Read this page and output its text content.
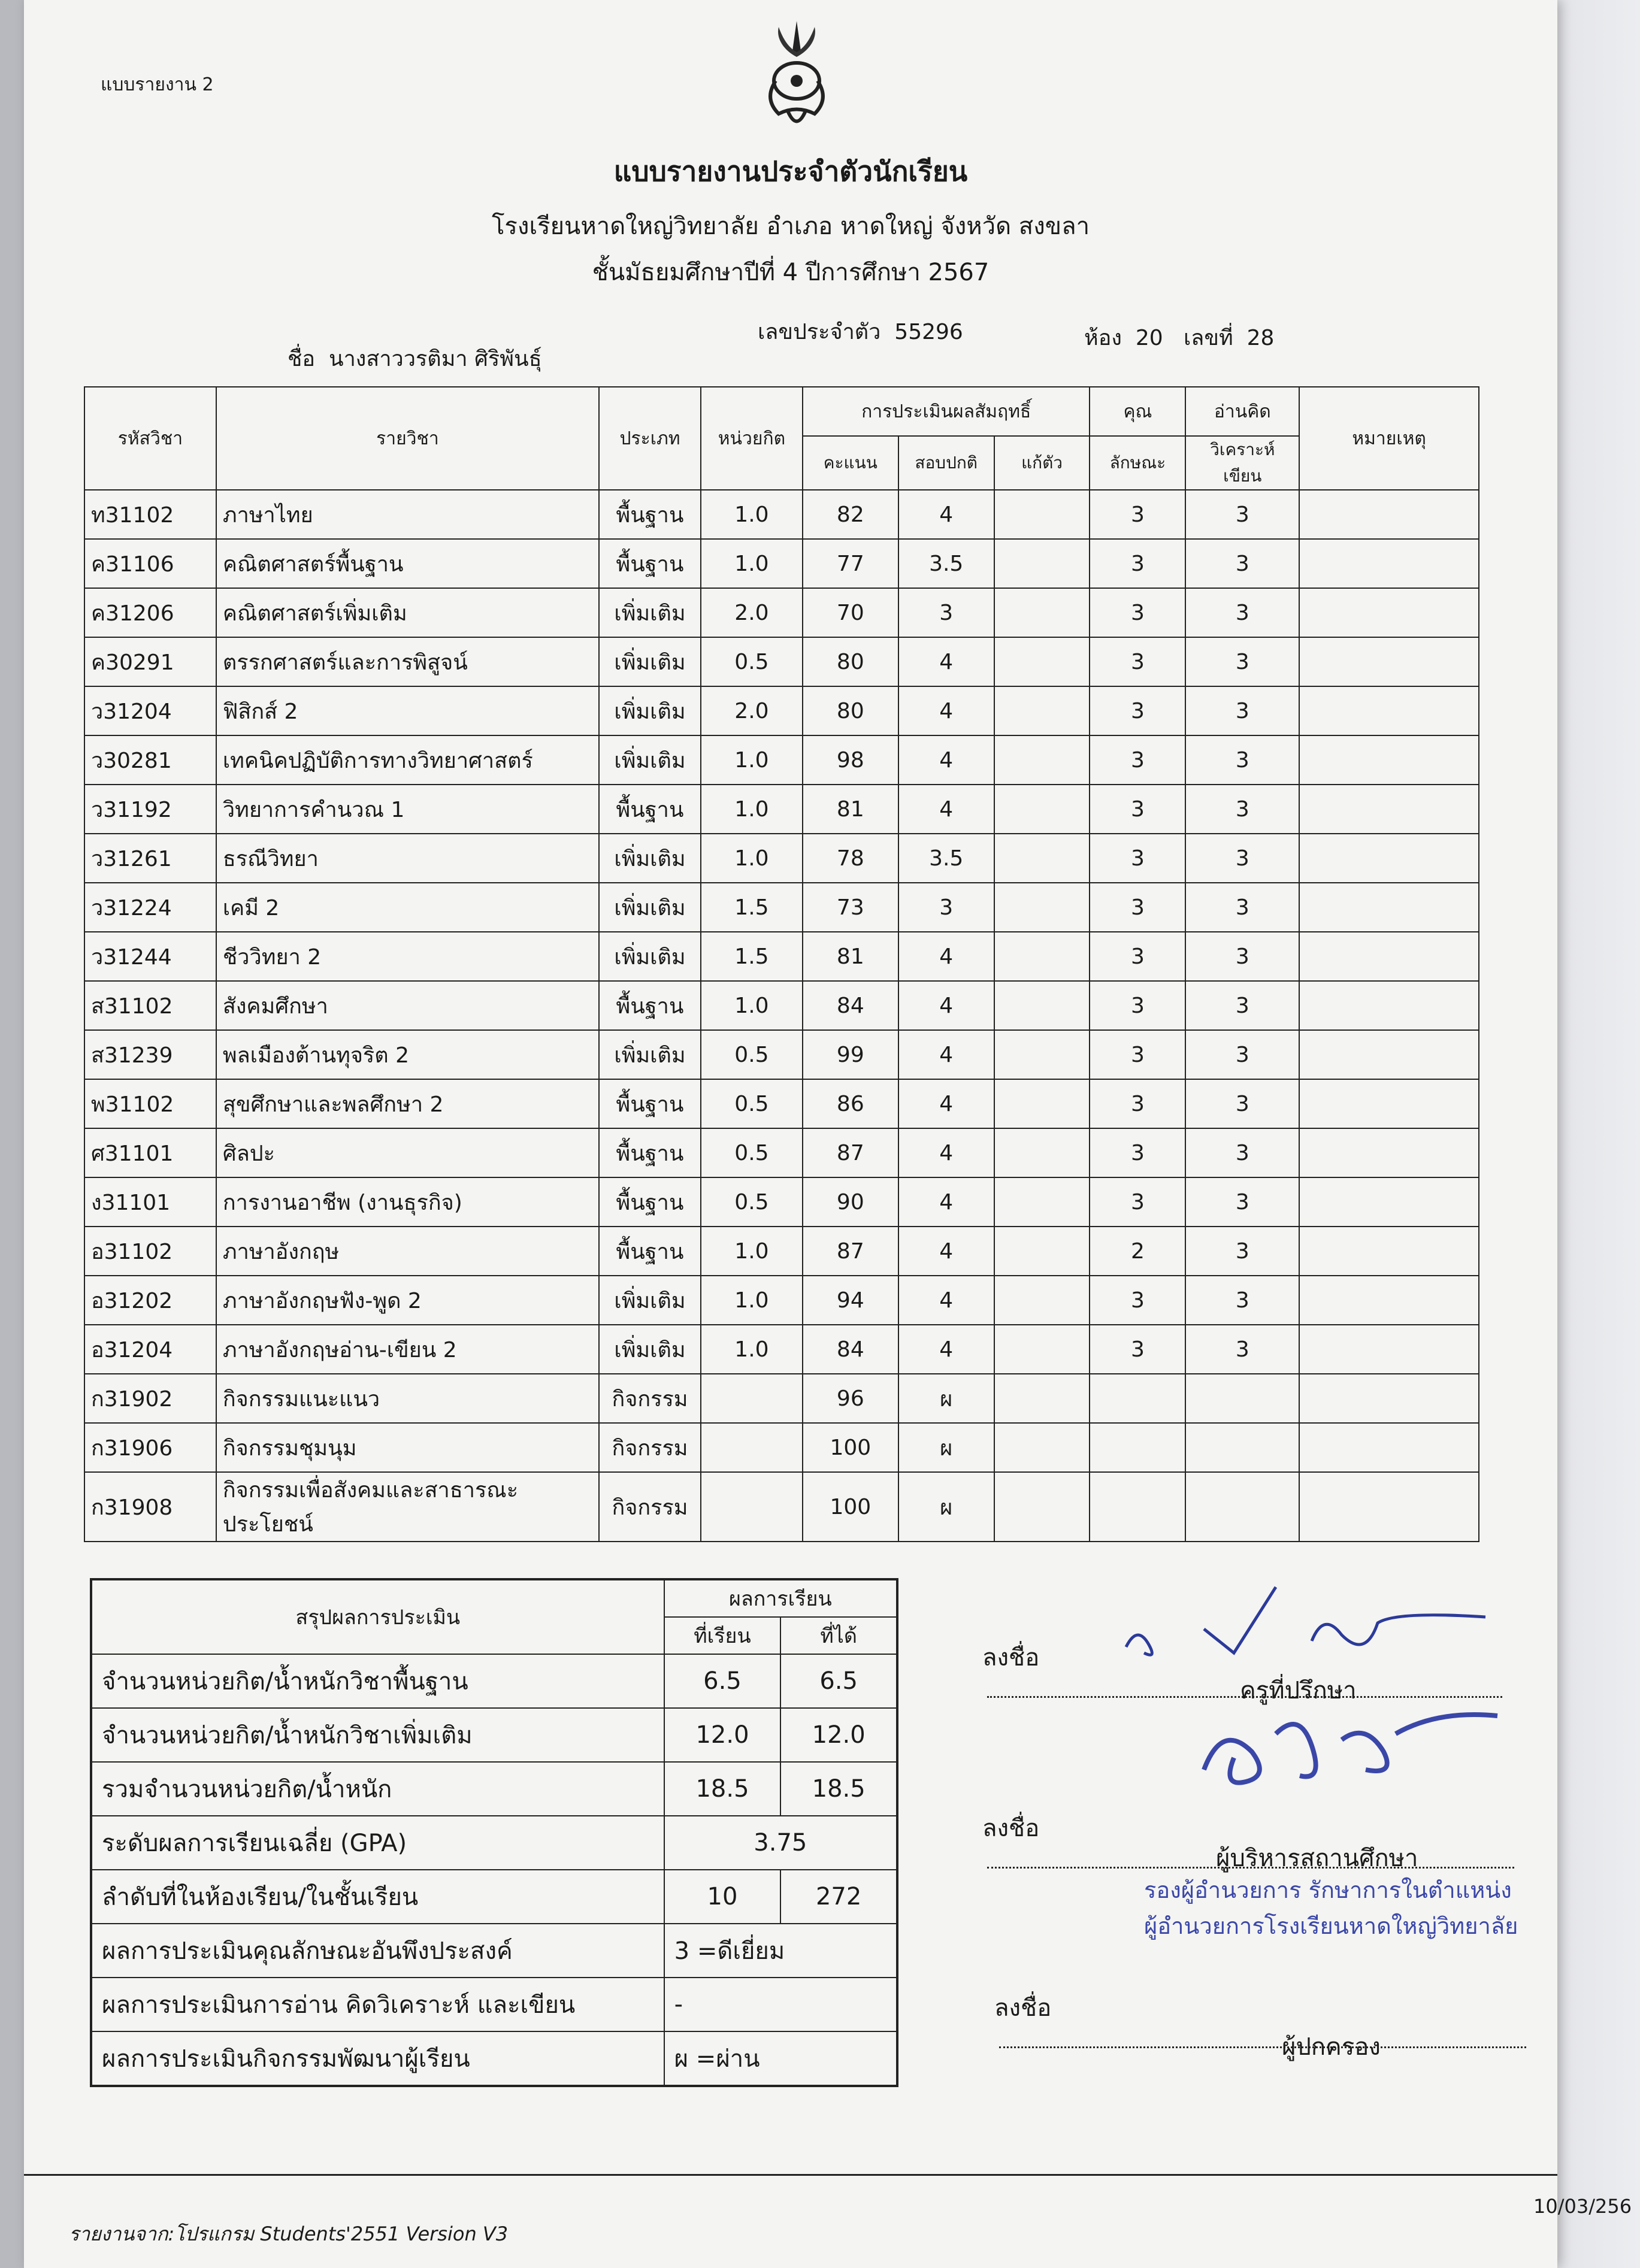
แบบรายงาน 2
แบบรายงานประจำตัวนักเรียน
โรงเรียนหาดใหญ่วิทยาลัย อำเภอ หาดใหญ่ จังหวัด สงขลา
ชั้นมัธยมศึกษาปีที่ 4 ปีการศึกษา 2567
ชื่อ นางสาววรติมา ศิริพันธุ์
เลขประจำตัว 55296	ห้อง 20 เลขที่ 28
รหัสวิชา	รายวิชา	ประเภท	หน่วยกิต	การประเมินผลสัมฤทธิ์			คุณ	อ่านคิด	หมายเหตุ
				คะแนน	สอบปกติ	แก้ตัว	ลักษณะ	วิเคราะห์เขียน	
ท31102	ภาษาไทย	พื้นฐาน	1.0	82	4		3	3	
ค31106	คณิตศาสตร์พื้นฐาน	พื้นฐาน	1.0	77	3.5		3	3	
ค31206	คณิตศาสตร์เพิ่มเติม	เพิ่มเติม	2.0	70	3		3	3	
ค30291	ตรรกศาสตร์และการพิสูจน์	เพิ่มเติม	0.5	80	4		3	3	
ว31204	ฟิสิกส์ 2	เพิ่มเติม	2.0	80	4		3	3	
ว30281	เทคนิคปฏิบัติการทางวิทยาศาสตร์	เพิ่มเติม	1.0	98	4		3	3	
ว31192	วิทยาการคำนวณ 1	พื้นฐาน	1.0	81	4		3	3	
ว31261	ธรณีวิทยา	เพิ่มเติม	1.0	78	3.5		3	3	
ว31224	เคมี 2	เพิ่มเติม	1.5	73	3		3	3	
ว31244	ชีววิทยา 2	เพิ่มเติม	1.5	81	4		3	3	
ส31102	สังคมศึกษา	พื้นฐาน	1.0	84	4		3	3	
ส31239	พลเมืองต้านทุจริต 2	เพิ่มเติม	0.5	99	4		3	3	
พ31102	สุขศึกษาและพลศึกษา 2	พื้นฐาน	0.5	86	4		3	3	
ศ31101	ศิลปะ	พื้นฐาน	0.5	87	4		3	3	
ง31101	การงานอาชีพ (งานธุรกิจ)	พื้นฐาน	0.5	90	4		3	3	
อ31102	ภาษาอังกฤษ	พื้นฐาน	1.0	87	4		2	3	
อ31202	ภาษาอังกฤษฟัง-พูด 2	เพิ่มเติม	1.0	94	4		3	3	
อ31204	ภาษาอังกฤษอ่าน-เขียน 2	เพิ่มเติม	1.0	84	4		3	3	
ก31902	กิจกรรมแนะแนว	กิจกรรม		96	ผ				
ก31906	กิจกรรมชุมนุม	กิจกรรม		100	ผ				
ก31908	กิจกรรมเพื่อสังคมและสาธารณะประโยชน์	กิจกรรม		100	ผ				
สรุปผลการประเมิน	ผลการเรียน	
	ที่เรียน	ที่ได้
จำนวนหน่วยกิต/น้ำหนักวิชาพื้นฐาน	6.5	6.5
จำนวนหน่วยกิต/น้ำหนักวิชาเพิ่มเติม	12.0	12.0
รวมจำนวนหน่วยกิต/น้ำหนัก	18.5	18.5
ระดับผลการเรียนเฉลี่ย (GPA)	3.75	
ลำดับที่ในห้องเรียน/ในชั้นเรียน	10	272
ผลการประเมินคุณลักษณะอันพึงประสงค์	3 =ดีเยี่ยม	
ผลการประเมินการอ่าน คิดวิเคราะห์ และเขียน	-	
ผลการประเมินกิจกรรมพัฒนาผู้เรียน	ผ =ผ่าน	
ลงชื่อ
ครูที่ปรึกษา
ลงชื่อ
ผู้บริหารสถานศึกษา
รองผู้อำนวยการ รักษาการในตำแหน่ง
ผู้อำนวยการโรงเรียนหาดใหญ่วิทยาลัย
ลงชื่อ
ผู้ปกครอง
รายงานจาก:โปรแกรม Students'2551 Version V3
10/03/256
